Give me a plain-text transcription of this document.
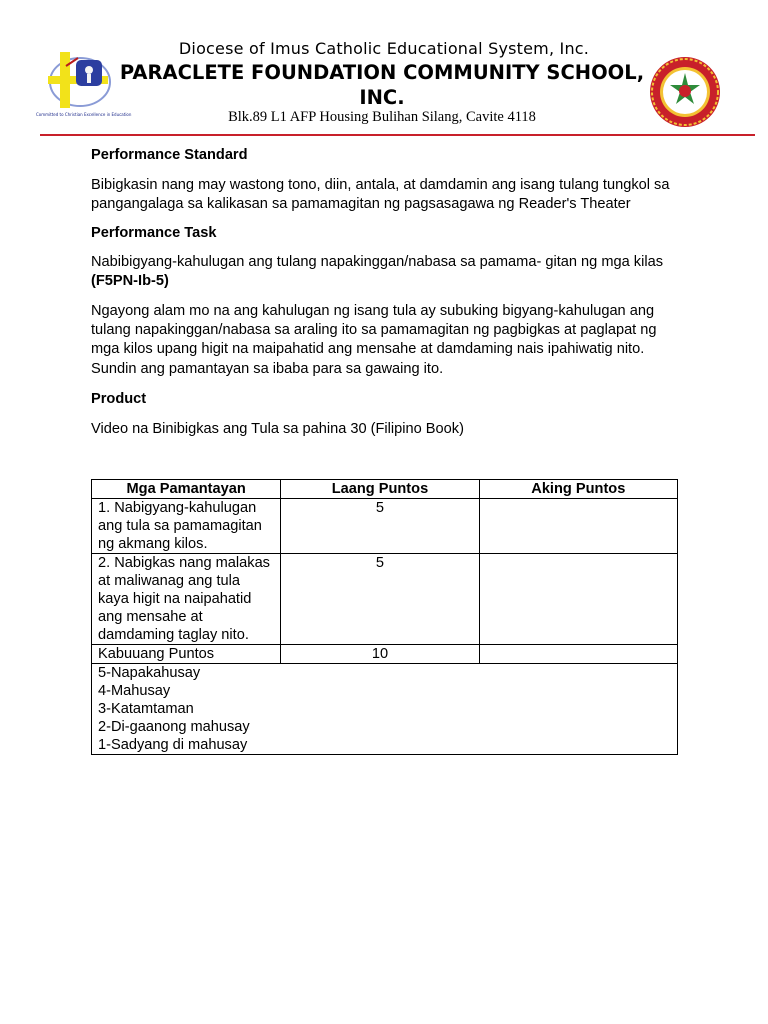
Committed to Christian Excellence in Education
Diocese of Imus Catholic Educational System, Inc.
PARACLETE FOUNDATION COMMUNITY SCHOOL, INC.
Blk.89 L1 AFP Housing Bulihan Silang, Cavite 4118
Performance Standard
Bibigkasin nang may wastong tono, diin, antala, at damdamin ang isang tulang tungkol sa pangangalaga sa kalikasan sa pamamagitan ng pagsasagawa ng Reader's Theater
Performance Task
Nabibigyang-kahulugan ang tulang napakinggan/nabasa sa pamama- gitan ng mga kilas (F5PN-Ib-5)
Ngayong alam mo na ang kahulugan ng isang tula ay subuking bigyang-kahulugan ang tulang napakinggan/nabasa sa araling ito sa pamamagitan ng pagbigkas at paglapat ng mga kilos upang higit na maipahatid ang mensahe at damdaming nais ipahiwatig nito. Sundin ang pamantayan sa ibaba para sa gawaing ito.
Product
Video na Binibigkas ang Tula sa pahina 30 (Filipino Book)
Mga Pamantayan	Laang Puntos	Aking Puntos
1. Nabigyang-kahulugan ang tula sa pamamagitan ng akmang kilos.	5	
2. Nabigkas nang malakas at maliwanag ang tula kaya higit na naipahatid ang mensahe at damdaming taglay nito.	5	
Kabuuang Puntos	10	

5-Napakahusay
4-Mahusay
3-Katamtaman
2-Di-gaanong mahusay
1-Sadyang di mahusay		
